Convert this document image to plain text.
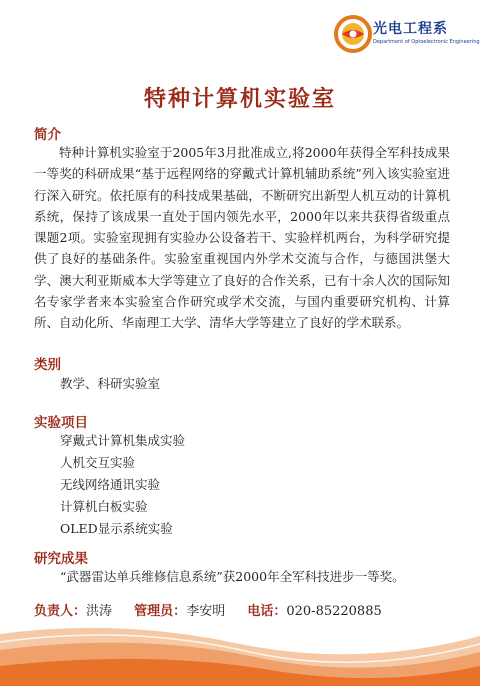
光电工程系
Department of Optoelectronic Engineering
特种计算机实验室
简介
特种计算机实验室于2005年3月批准成立,将2000年获得全军科技成果一等奖的科研成果“基于远程网络的穿戴式计算机辅助系统”列入该实验室进行深入研究。依托原有的科技成果基础，不断研究出新型人机互动的计算机系统，保持了该成果一直处于国内领先水平，2000年以来共获得省级重点课题2项。实验室现拥有实验办公设备若干、实验样机两台，为科学研究提供了良好的基础条件。实验室重视国内外学术交流与合作，与德国洪堡大学、澳大利亚斯威本大学等建立了良好的合作关系，已有十余人次的国际知名专家学者来本实验室合作研究或学术交流，与国内重要研究机构、计算所、自动化所、华南理工大学、清华大学等建立了良好的学术联系。
类别
教学、科研实验室
实验项目
穿戴式计算机集成实验
人机交互实验
无线网络通讯实验
计算机白板实验
OLED显示系统实验
研究成果
“武器雷达单兵维修信息系统”获2000年全军科技进步一等奖。
负责人：洪涛 管理员：李安明 电话：020-85220885
